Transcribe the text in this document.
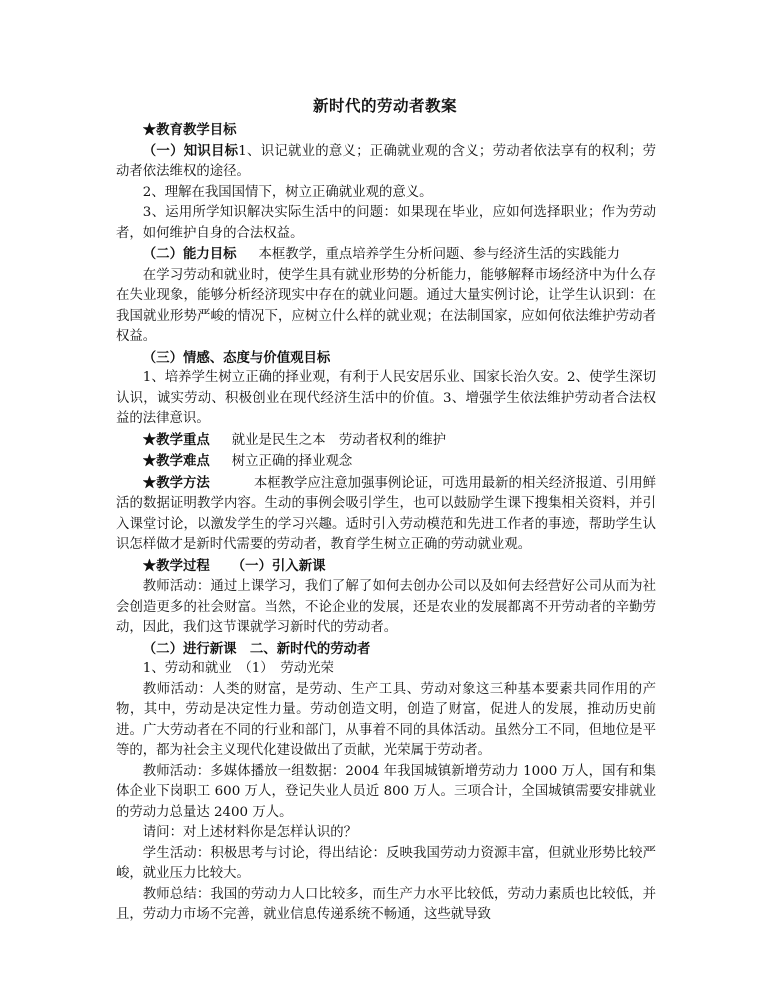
新时代的劳动者教案

★教育教学目标

（一）知识目标1、识记就业的意义；正确就业观的含义；劳动者依法享有的权利；劳动者依法维权的途径。

2、理解在我国国情下，树立正确就业观的意义。

3、运用所学知识解决实际生活中的问题：如果现在毕业，应如何选择职业；作为劳动者，如何维护自身的合法权益。

（二）能力目标 本框教学，重点培养学生分析问题、参与经济生活的实践能力

在学习劳动和就业时，使学生具有就业形势的分析能力，能够解释市场经济中为什么存在失业现象，能够分析经济现实中存在的就业问题。通过大量实例讨论，让学生认识到：在我国就业形势严峻的情况下，应树立什么样的就业观；在法制国家，应如何依法维护劳动者权益。

（三）情感、态度与价值观目标

1、培养学生树立正确的择业观，有利于人民安居乐业、国家长治久安。2、使学生深切认识，诚实劳动、积极创业在现代经济生活中的价值。3、增强学生依法维护劳动者合法权益的法律意识。

★教学重点 就业是民生之本　劳动者权利的维护

★教学难点 树立正确的择业观念

★教学方法	本框教学应注意加强事例论证，可选用最新的相关经济报道、引用鲜活的数据证明教学内容。生动的事例会吸引学生，也可以鼓励学生课下搜集相关资料，并引入课堂讨论，以激发学生的学习兴趣。适时引入劳动模范和先进工作者的事迹，帮助学生认识怎样做才是新时代需要的劳动者，教育学生树立正确的劳动就业观。

★教学过程 （一）引入新课

教师活动：通过上课学习，我们了解了如何去创办公司以及如何去经营好公司从而为社会创造更多的社会财富。当然，不论企业的发展，还是农业的发展都离不开劳动者的辛勤劳动，因此，我们这节课就学习新时代的劳动者。

（二）进行新课　二、新时代的劳动者

1、劳动和就业　（1）　劳动光荣

教师活动：人类的财富，是劳动、生产工具、劳动对象这三种基本要素共同作用的产物，其中，劳动是决定性力量。劳动创造文明，创造了财富，促进人的发展，推动历史前进。广大劳动者在不同的行业和部门，从事着不同的具体活动。虽然分工不同，但地位是平等的，都为社会主义现代化建设做出了贡献，光荣属于劳动者。

教师活动：多媒体播放一组数据：2004 年我国城镇新增劳动力 1000 万人，国有和集体企业下岗职工 600 万人，登记失业人员近 800 万人。三项合计，全国城镇需要安排就业的劳动力总量达 2400 万人。

请问：对上述材料你是怎样认识的？

学生活动：积极思考与讨论，得出结论：反映我国劳动力资源丰富，但就业形势比较严峻，就业压力比较大。

教师总结：我国的劳动力人口比较多，而生产力水平比较低，劳动力素质也比较低，并且，劳动力市场不完善，就业信息传递系统不畅通，这些就导致
